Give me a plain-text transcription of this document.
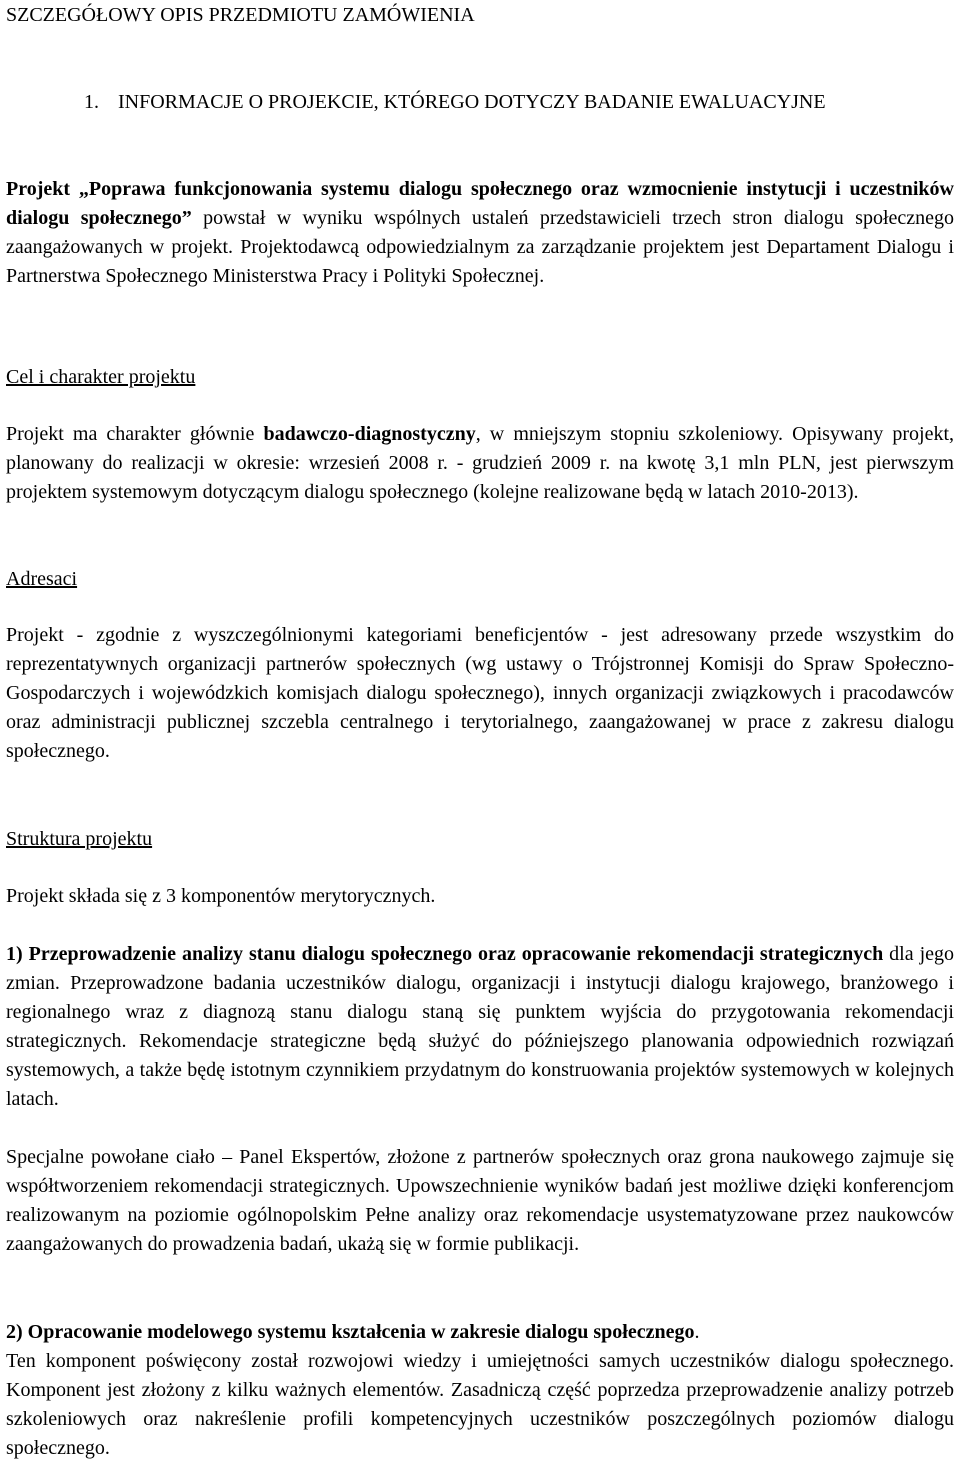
SZCZEGÓŁOWY OPIS PRZEDMIOTU ZAMÓWIENIA
1. INFORMACJE O PROJEKCIE, KTÓREGO DOTYCZY BADANIE EWALUACYJNE

Projekt „Poprawa funkcjonowania systemu dialogu społecznego oraz wzmocnienie instytucji i uczestników dialogu społecznego” powstał w wyniku wspólnych ustaleń przedstawicieli trzech stron dialogu społecznego zaangażowanych w projekt. Projektodawcą odpowiedzialnym za zarządzanie projektem jest Departament Dialogu i Partnerstwa Społecznego Ministerstwa Pracy i Polityki Społecznej.

Cel i charakter projektu

Projekt ma charakter głównie badawczo-diagnostyczny, w mniejszym stopniu szkoleniowy. Opisywany projekt, planowany do realizacji w okresie: wrzesień 2008 r. - grudzień 2009 r. na kwotę 3,1 mln PLN, jest pierwszym projektem systemowym dotyczącym dialogu społecznego (kolejne realizowane będą w latach 2010-2013).

Adresaci

Projekt - zgodnie z wyszczególnionymi kategoriami beneficjentów - jest adresowany przede wszystkim do reprezentatywnych organizacji partnerów społecznych (wg ustawy o Trójstronnej Komisji do Spraw Społeczno-Gospodarczych i wojewódzkich komisjach dialogu społecznego), innych organizacji związkowych i pracodawców oraz administracji publicznej szczebla centralnego i terytorialnego, zaangażowanej w prace z zakresu dialogu społecznego.

Struktura projektu

Projekt składa się z 3 komponentów merytorycznych.

1) Przeprowadzenie analizy stanu dialogu społecznego oraz opracowanie rekomendacji strategicznych dla jego zmian. Przeprowadzone badania uczestników dialogu, organizacji i instytucji dialogu krajowego, branżowego i regionalnego wraz z diagnozą stanu dialogu staną się punktem wyjścia do przygotowania rekomendacji strategicznych. Rekomendacje strategiczne będą służyć do późniejszego planowania odpowiednich rozwiązań systemowych, a także będę istotnym czynnikiem przydatnym do konstruowania projektów systemowych w kolejnych latach.

Specjalne powołane ciało – Panel Ekspertów, złożone z partnerów społecznych oraz grona naukowego zajmuje się współtworzeniem rekomendacji strategicznych. Upowszechnienie wyników badań jest możliwe dzięki konferencjom realizowanym na poziomie ogólnopolskim Pełne analizy oraz rekomendacje usystematyzowane przez naukowców zaangażowanych do prowadzenia badań, ukażą się w formie publikacji.

2) Opracowanie modelowego systemu kształcenia w zakresie dialogu społecznego.

Ten komponent poświęcony został rozwojowi wiedzy i umiejętności samych uczestników dialogu społecznego. Komponent jest złożony z kilku ważnych elementów. Zasadniczą część poprzedza przeprowadzenie analizy potrzeb szkoleniowych oraz nakreślenie profili kompetencyjnych uczestników poszczególnych poziomów dialogu społecznego.
